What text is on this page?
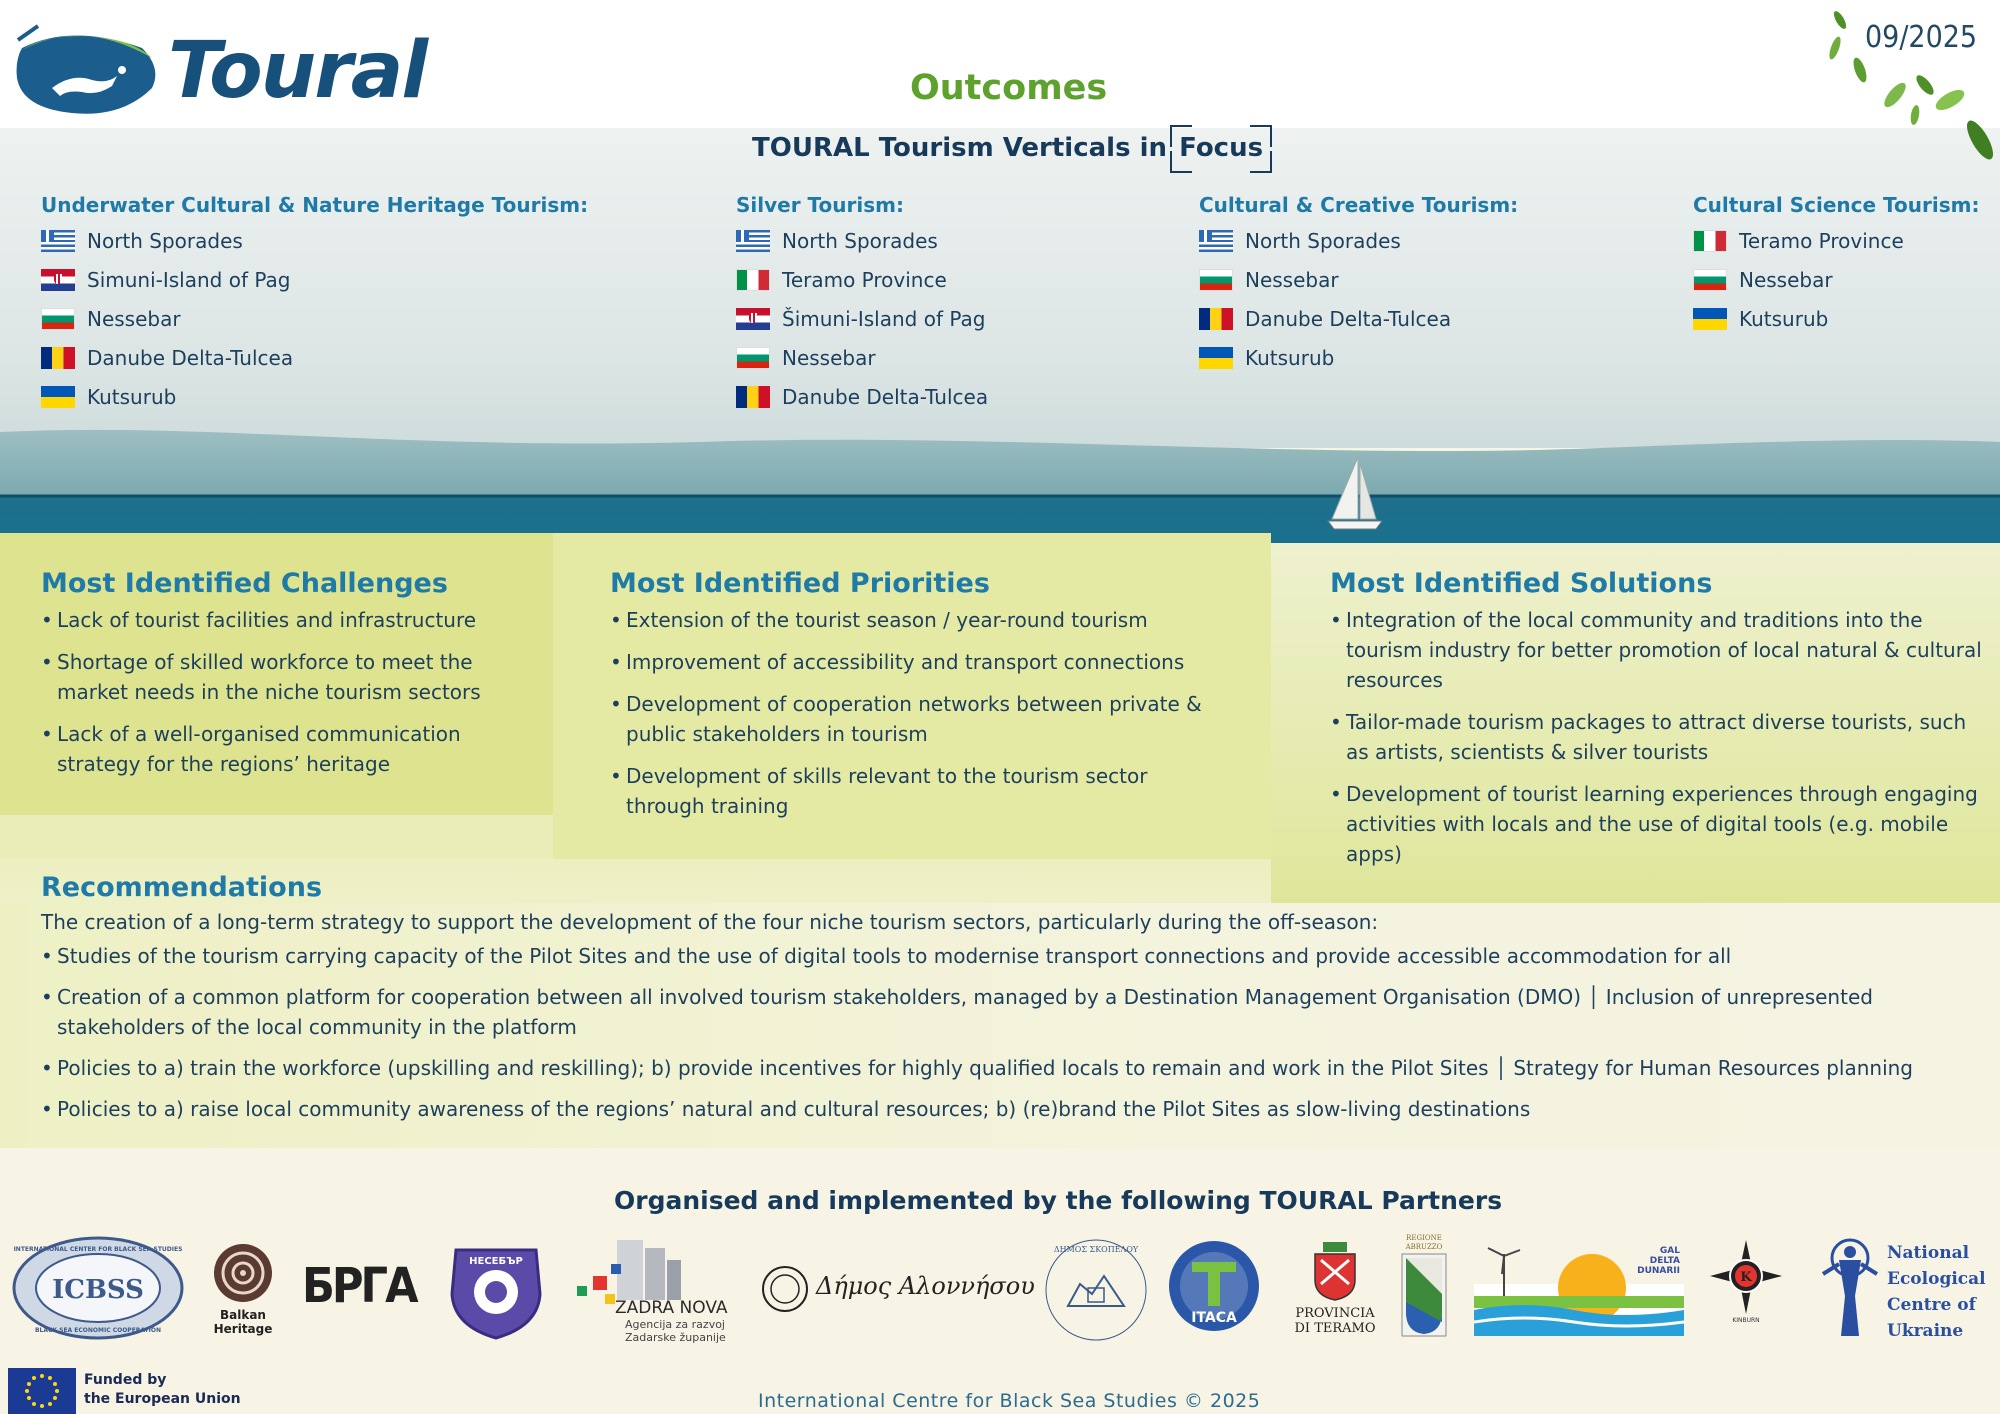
Toural	09/2025
Outcomes
TOURAL Tourism Verticals in Focus
Underwater Cultural & Nature Heritage Tourism:
North Sporades
Simuni-Island of Pag
Nessebar
Danube Delta-Tulcea
Kutsurub
Silver Tourism:
North Sporades
Teramo Province
Šimuni-Island of Pag
Nessebar
Danube Delta-Tulcea
Cultural & Creative Tourism:
North Sporades
Nessebar
Danube Delta-Tulcea
Kutsurub
Cultural Science Tourism:
Teramo Province
Nessebar
Kutsurub
Most Identified Challenges
• Lack of tourist facilities and infrastructure
• Shortage of skilled workforce to meet the market needs in the niche tourism sectors
• Lack of a well-organised communication strategy for the regions’ heritage
Most Identified Priorities
• Extension of the tourist season / year-round tourism
• Improvement of accessibility and transport connections
• Development of cooperation networks between private & public stakeholders in tourism
• Development of skills relevant to the tourism sector through training
Most Identified Solutions
• Integration of the local community and traditions into the tourism industry for better promotion of local natural & cultural resources
• Tailor-made tourism packages to attract diverse tourists, such as artists, scientists & silver tourists
• Development of tourist learning experiences through engaging activities with locals and the use of digital tools (e.g. mobile apps)
Recommendations
The creation of a long-term strategy to support the development of the four niche tourism sectors, particularly during the off-season:
• Studies of the tourism carrying capacity of the Pilot Sites and the use of digital tools to modernise transport connections and provide accessible accommodation for all
• Creation of a common platform for cooperation between all involved tourism stakeholders, managed by a Destination Management Organisation (DMO) │ Inclusion of unrepresented stakeholders of the local community in the platform
• Policies to a) train the workforce (upskilling and reskilling); b) provide incentives for highly qualified locals to remain and work in the Pilot Sites │ Strategy for Human Resources planning
• Policies to a) raise local community awareness of the regions’ natural and cultural resources; b) (re)brand the Pilot Sites as slow-living destinations
Organised and implemented by the following TOURAL Partners
ICBSS
INTERNATIONAL CENTER FOR BLACK SEA STUDIES
BLACK SEA ECONOMIC COOPERATION
Balkan Heritage
БРГА	НЕСЕБЪР
ZADRA NOVA
Agencija za razvoj
Zadarske županije
Δήμος Αλοννήσου
ΔΗΜΟΣ ΣΚΟΠΕΛΟΥ
ITACA	PROVINCIA
DI TERAMO
REGIONE ABRUZZO	GAL
DELTA
DUNARII	K
KINBURN
National
Ecological
Centre of
Ukraine
Funded by
the European Union	International Centre for Black Sea Studies © 2025
